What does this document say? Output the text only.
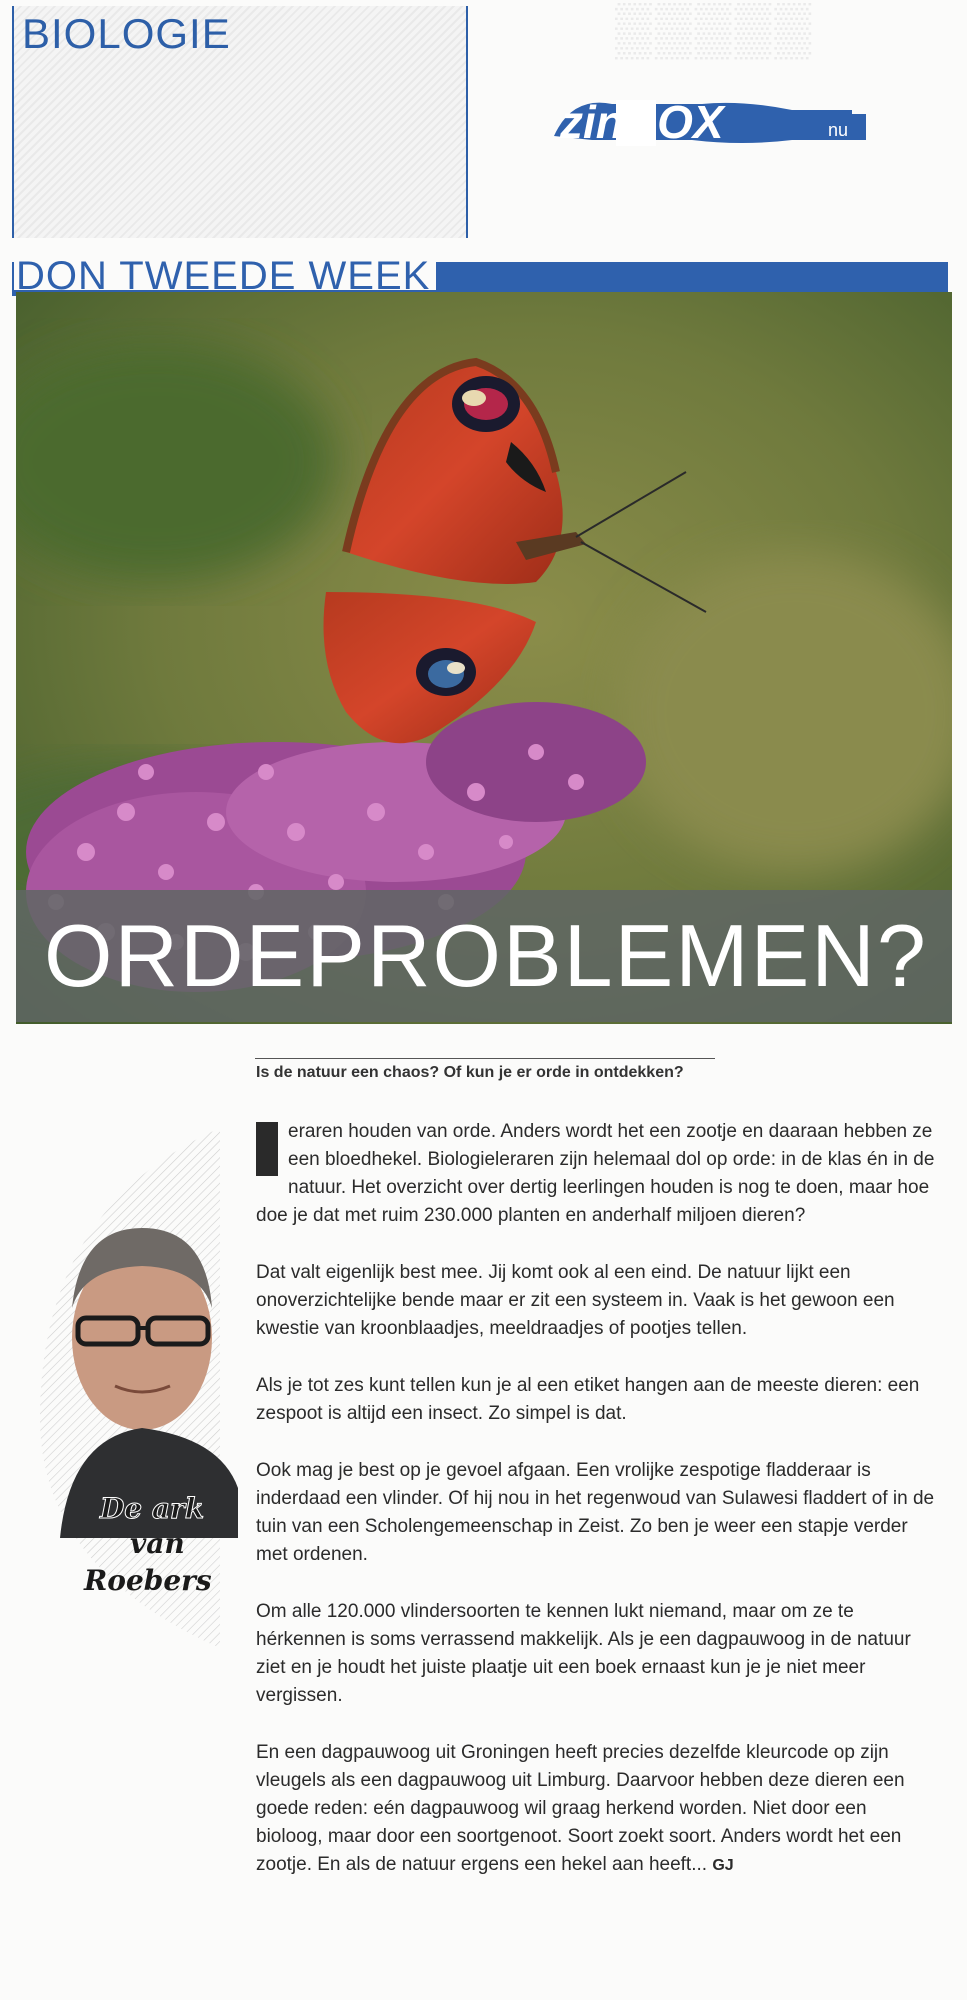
BIOLOGIE	▒▒▒▒▒
zinBOX	nu
DON TWEEDE WEEK
ORDEPROBLEMEN?
Is de natuur een chaos? Of kun je er orde in ontdekken?
De ark
van
Roebers

eraren houden van orde. Anders wordt het een zootje en daaraan hebben ze een bloedhekel. Biologieleraren zijn helemaal dol op orde: in de klas én in de natuur. Het overzicht over dertig leerlingen houden is nog te doen, maar hoe doe je dat met ruim 230.000 planten en anderhalf miljoen dieren?

Dat valt eigenlijk best mee. Jij komt ook al een eind. De natuur lijkt een onoverzichtelijke bende maar er zit een systeem in. Vaak is het gewoon een kwestie van kroonblaadjes, meeldraadjes of pootjes tellen.

Als je tot zes kunt tellen kun je al een etiket hangen aan de meeste dieren: een zespoot is altijd een insect. Zo simpel is dat.

Ook mag je best op je gevoel afgaan. Een vrolijke zespotige fladderaar is inderdaad een vlinder. Of hij nou in het regenwoud van Sulawesi fladdert of in de tuin van een Scholengemeenschap in Zeist. Zo ben je weer een stapje verder met ordenen.

Om alle 120.000 vlindersoorten te kennen lukt niemand, maar om ze te hérkennen is soms verrassend makkelijk. Als je een dagpauwoog in de natuur ziet en je houdt het juiste plaatje uit een boek ernaast kun je je niet meer vergissen.

En een dagpauwoog uit Groningen heeft precies dezelfde kleurcode op zijn vleugels als een dagpauwoog uit Limburg. Daarvoor hebben deze dieren een goede reden: eén dagpauwoog wil graag herkend worden. Niet door een bioloog, maar door een soortgenoot. Soort zoekt soort. Anders wordt het een zootje. En als de natuur ergens een hekel aan heeft... GJ
